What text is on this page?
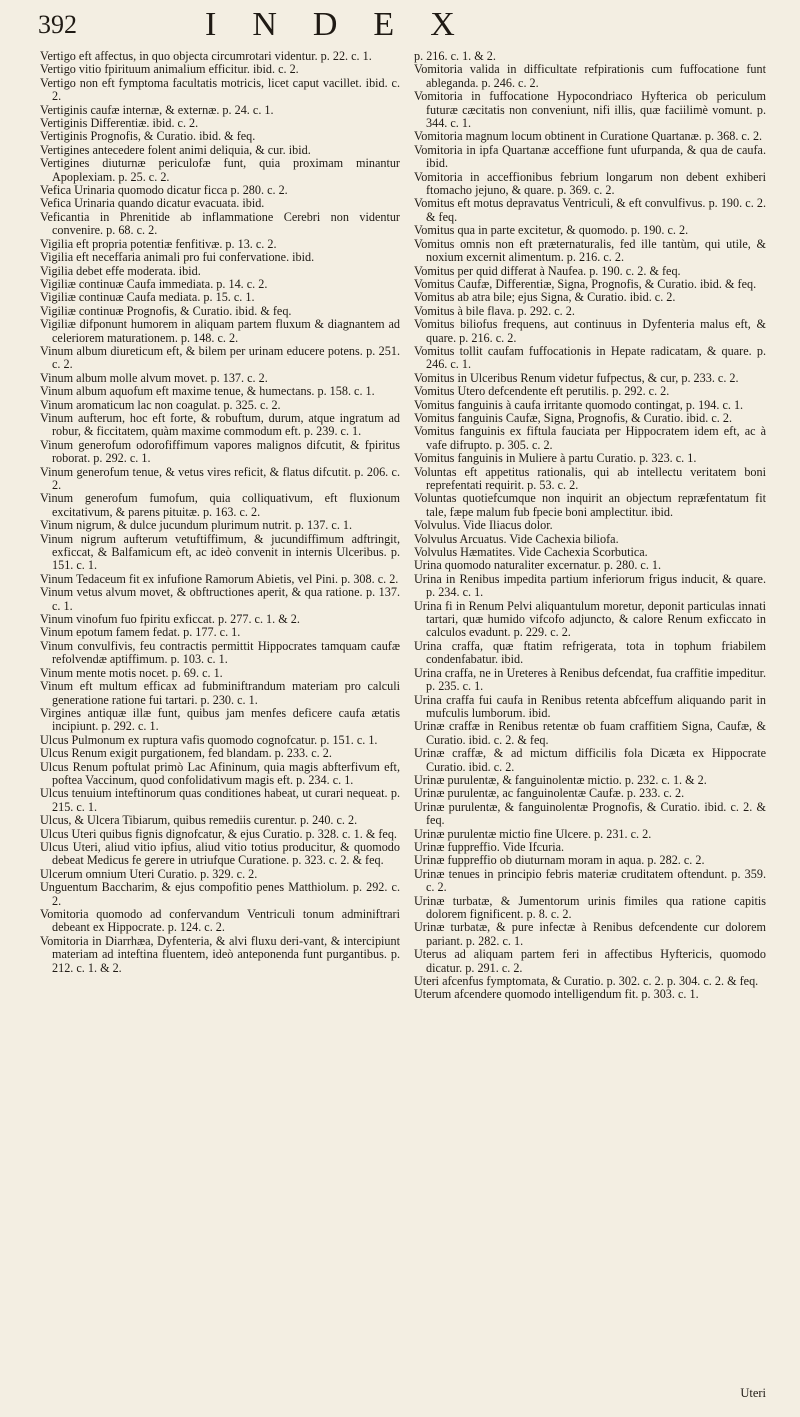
392	INDEX

Vertigo eft affectus, in quo objecta circumrotari videntur. p. 22. c. 1.

Vertigo vitio fpirituum animalium efficitur. ibid. c. 2.

Vertigo non eft fymptoma facultatis motricis, licet caput vacillet. ibid. c. 2.

Vertiginis caufæ internæ, & externæ. p. 24. c. 1.

Vertiginis Differentiæ. ibid. c. 2.

Vertiginis Prognofis, & Curatio. ibid. & feq.

Vertigines antecedere folent animi deliquia, & cur. ibid.

Vertigines diuturnæ periculofæ funt, quia proximam minantur Apoplexiam. p. 25. c. 2.

Vefica Urinaria quomodo dicatur ficca p. 280. c. 2.

Vefica Urinaria quando dicatur evacuata. ibid.

Veficantia in Phrenitide ab inflammatione Cerebri non videntur convenire. p. 68. c. 2.

Vigilia eft propria potentiæ fenfitivæ. p. 13. c. 2.

Vigilia eft neceffaria animali pro fui confervatione. ibid.

Vigilia debet effe moderata. ibid.

Vigiliæ continuæ Caufa immediata. p. 14. c. 2.

Vigiliæ continuæ Caufa mediata. p. 15. c. 1.

Vigiliæ continuæ Prognofis, & Curatio. ibid. & feq.

Vigiliæ difponunt humorem in aliquam partem fluxum & diagnantem ad celeriorem maturationem. p. 148. c. 2.

Vinum album diureticum eft, & bilem per urinam educere potens. p. 251. c. 2.

Vinum album molle alvum movet. p. 137. c. 2.

Vinum album aquofum eft maxime tenue, & humectans. p. 158. c. 1.

Vinum aromaticum lac non coagulat. p. 325. c. 2.

Vinum aufterum, hoc eft forte, & robuftum, durum, atque ingratum ad robur, & ficcitatem, quàm maxime commodum eft. p. 239. c. 1.

Vinum generofum odorofiffimum vapores malignos difcutit, & fpiritus roborat. p. 292. c. 1.

Vinum generofum tenue, & vetus vires reficit, & flatus difcutit. p. 206. c. 2.

Vinum generofum fumofum, quia colliquativum, eft fluxionum excitativum, & parens pituitæ. p. 163. c. 2.

Vinum nigrum, & dulce jucundum plurimum nutrit. p. 137. c. 1.

Vinum nigrum aufterum vetuftiffimum, & jucundiffimum adftringit, exficcat, & Balfamicum eft, ac ideò convenit in internis Ulceribus. p. 151. c. 1.

Vinum Tedaceum fit ex infufione Ramorum Abietis, vel Pini. p. 308. c. 2.

Vinum vetus alvum movet, & obftructiones aperit, & qua ratione. p. 137. c. 1.

Vinum vinofum fuo fpiritu exficcat. p. 277. c. 1. & 2.

Vinum epotum famem fedat. p. 177. c. 1.

Vinum convulfivis, feu contractis permittit Hippocrates tamquam caufæ refolvendæ aptiffimum. p. 103. c. 1.

Vinum mente motis nocet. p. 69. c. 1.

Vinum eft multum efficax ad fubminiftrandum materiam pro calculi generatione ratione fui tartari. p. 230. c. 1.

Virgines antiquæ illæ funt, quibus jam menfes deficere caufa ætatis incipiunt. p. 292. c. 1.

Ulcus Pulmonum ex ruptura vafis quomodo cognofcatur. p. 151. c. 1.

Ulcus Renum exigit purgationem, fed blandam. p. 233. c. 2.

Ulcus Renum poftulat primò Lac Afininum, quia magis abfterfivum eft, poftea Vaccinum, quod confolidativum magis eft. p. 234. c. 1.

Ulcus tenuium inteftinorum quas conditiones habeat, ut curari nequeat. p. 215. c. 1.

Ulcus, & Ulcera Tibiarum, quibus remediis curentur. p. 240. c. 2.

Ulcus Uteri quibus fignis dignofcatur, & ejus Curatio. p. 328. c. 1. & feq.

Ulcus Uteri, aliud vitio ipfius, aliud vitio totius producitur, & quomodo debeat Medicus fe gerere in utriufque Curatione. p. 323. c. 2. & feq.

Ulcerum omnium Uteri Curatio. p. 329. c. 2.

Unguentum Baccharim, & ejus compofitio penes Matthiolum. p. 292. c. 2.

Vomitoria quomodo ad confervandum Ventriculi tonum adminiftrari debeant ex Hippocrate. p. 124. c. 2.

Vomitoria in Diarrhæa, Dyfenteria, & alvi fluxu deri-vant, & intercipiunt materiam ad inteftina fluentem, ideò anteponenda funt purgantibus. p. 212. c. 1. & 2.

p. 216. c. 1. & 2.

Vomitoria valida in difficultate refpirationis cum fuffocatione funt ableganda. p. 246. c. 2.

Vomitoria in fuffocatione Hypocondriaco Hyfterica ob periculum futuræ cæcitatis non conveniunt, nifi illis, quæ faciilimè vomunt. p. 344. c. 1.

Vomitoria magnum locum obtinent in Curatione Quartanæ. p. 368. c. 2.

Vomitoria in ipfa Quartanæ acceffione funt ufurpanda, & qua de caufa. ibid.

Vomitoria in acceffionibus febrium longarum non debent exhiberi ftomacho jejuno, & quare. p. 369. c. 2.

Vomitus eft motus depravatus Ventriculi, & eft convulfivus. p. 190. c. 2. & feq.

Vomitus qua in parte excitetur, & quomodo. p. 190. c. 2.

Vomitus omnis non eft præternaturalis, fed ille tantùm, qui utile, & noxium excernit alimentum. p. 216. c. 2.

Vomitus per quid differat à Naufea. p. 190. c. 2. & feq.

Vomitus Caufæ, Differentiæ, Signa, Prognofis, & Curatio. ibid. & feq.

Vomitus ab atra bile; ejus Signa, & Curatio. ibid. c. 2.

Vomitus à bile flava. p. 292. c. 2.

Vomitus biliofus frequens, aut continuus in Dyfenteria malus eft, & quare. p. 216. c. 2.

Vomitus tollit caufam fuffocationis in Hepate radicatam, & quare. p. 246. c. 1.

Vomitus in Ulceribus Renum videtur fufpectus, & cur, p. 233. c. 2.

Vomitus Utero defcendente eft perutilis. p. 292. c. 2.

Vomitus fanguinis à caufa irritante quomodo contingat, p. 194. c. 1.

Vomitus fanguinis Caufæ, Signa, Prognofis, & Curatio. ibid. c. 2.

Vomitus fanguinis ex fiftula fauciata per Hippocratem idem eft, ac à vafe difrupto. p. 305. c. 2.

Vomitus fanguinis in Muliere à partu Curatio. p. 323. c. 1.

Voluntas eft appetitus rationalis, qui ab intellectu veritatem boni reprefentati requirit. p. 53. c. 2.

Voluntas quotiefcumque non inquirit an objectum repræfentatum fit tale, fæpe malum fub fpecie boni amplectitur. ibid.

Volvulus. Vide Iliacus dolor.

Volvulus Arcuatus. Vide Cachexia biliofa.

Volvulus Hæmatites. Vide Cachexia Scorbutica.

Urina quomodo naturaliter excernatur. p. 280. c. 1.

Urina in Renibus impedita partium inferiorum frigus inducit, & quare. p. 234. c. 1.

Urina fi in Renum Pelvi aliquantulum moretur, deponit particulas innati tartari, quæ humido vifcofo adjuncto, & calore Renum exficcato in calculos evadunt. p. 229. c. 2.

Urina craffa, quæ ftatim refrigerata, tota in tophum friabilem condenfabatur. ibid.

Urina craffa, ne in Ureteres à Renibus defcendat, fua craffitie impeditur. p. 235. c. 1.

Urina craffa fui caufa in Renibus retenta abfceffum aliquando parit in mufculis lumborum. ibid.

Urinæ craffæ in Renibus retentæ ob fuam craffitiem Signa, Caufæ, & Curatio. ibid. c. 2. & feq.

Urinæ craffæ, & ad mictum difficilis fola Dicæta ex Hippocrate Curatio. ibid. c. 2.

Urinæ purulentæ, & fanguinolentæ mictio. p. 232. c. 1. & 2.

Urinæ purulentæ, ac fanguinolentæ Caufæ. p. 233. c. 2.

Urinæ purulentæ, & fanguinolentæ Prognofis, & Curatio. ibid. c. 2. & feq.

Urinæ purulentæ mictio fine Ulcere. p. 231. c. 2.

Urinæ fuppreffio. Vide Ifcuria.

Urinæ fuppreffio ob diuturnam moram in aqua. p. 282. c. 2.

Urinæ tenues in principio febris materiæ cruditatem oftendunt. p. 359. c. 2.

Urinæ turbatæ, & Jumentorum urinis fimiles qua ratione capitis dolorem fignificent. p. 8. c. 2.

Urinæ turbatæ, & pure infectæ à Renibus defcendente cur dolorem pariant. p. 282. c. 1.

Uterus ad aliquam partem feri in affectibus Hyftericis, quomodo dicatur. p. 291. c. 2.

Uteri afcenfus fymptomata, & Curatio. p. 302. c. 2. p. 304. c. 2. & feq.

Uterum afcendere quomodo intelligendum fit. p. 303. c. 1.

Uteri
